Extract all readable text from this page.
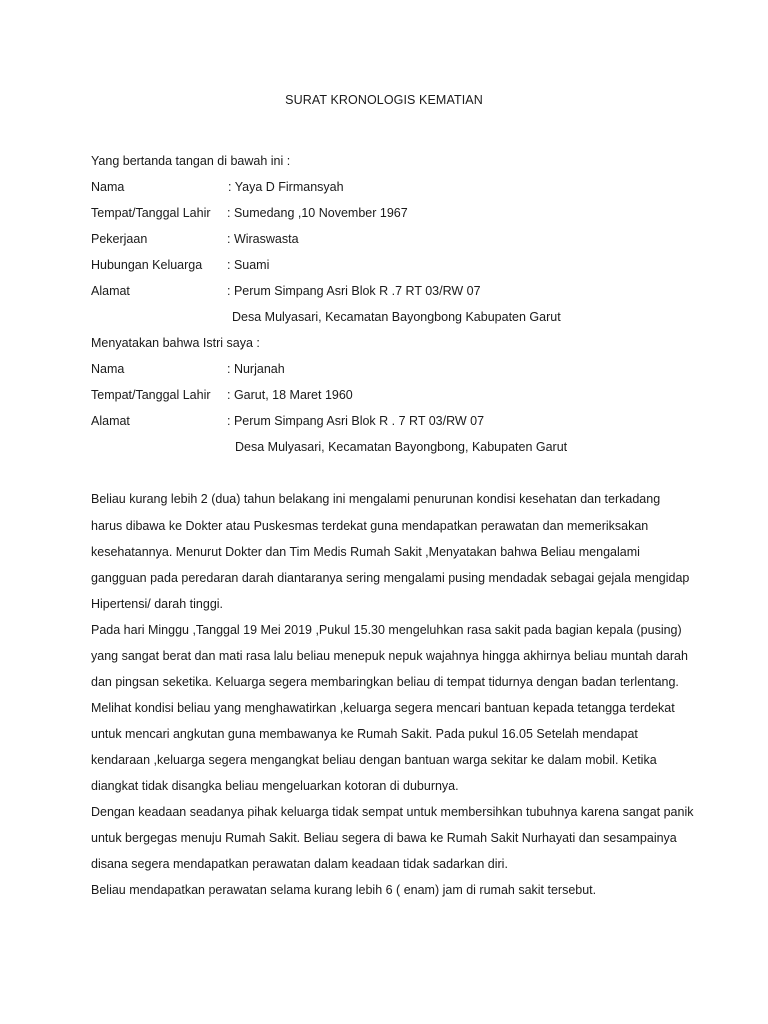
SURAT KRONOLOGIS KEMATIAN
Yang bertanda tangan di bawah ini :
Nama	: Yaya D Firmansyah
Tempat/Tanggal Lahir : Sumedang ,10 November 1967
Pekerjaan	: Wiraswasta
Hubungan Keluarga : Suami
Alamat	: Perum Simpang Asri Blok R .7 RT 03/RW 07
Desa Mulyasari, Kecamatan Bayongbong Kabupaten Garut
Menyatakan bahwa Istri saya :
Nama	: Nurjanah
Tempat/Tanggal Lahir : Garut, 18 Maret 1960
Alamat	: Perum Simpang Asri Blok R . 7 RT 03/RW 07
Desa Mulyasari, Kecamatan Bayongbong, Kabupaten Garut
Beliau kurang lebih 2 (dua) tahun belakang ini mengalami penurunan kondisi kesehatan dan terkadang
harus dibawa ke Dokter atau Puskesmas terdekat guna mendapatkan perawatan dan memeriksakan
kesehatannya. Menurut Dokter dan Tim Medis Rumah Sakit ,Menyatakan bahwa Beliau mengalami
gangguan pada peredaran darah diantaranya sering mengalami pusing mendadak sebagai gejala mengidap
Hipertensi/ darah tinggi.
Pada hari Minggu ,Tanggal 19 Mei 2019 ,Pukul 15.30 mengeluhkan rasa sakit pada bagian kepala (pusing)
yang sangat berat dan mati rasa lalu beliau menepuk nepuk wajahnya hingga akhirnya beliau muntah darah
dan pingsan seketika. Keluarga segera membaringkan beliau di tempat tidurnya dengan badan terlentang.
Melihat kondisi beliau yang menghawatirkan ,keluarga segera mencari bantuan kepada tetangga terdekat
untuk mencari angkutan guna membawanya ke Rumah Sakit. Pada pukul 16.05 Setelah mendapat
kendaraan ,keluarga segera mengangkat beliau dengan bantuan warga sekitar ke dalam mobil. Ketika
diangkat tidak disangka beliau mengeluarkan kotoran di duburnya.
Dengan keadaan seadanya pihak keluarga tidak sempat untuk membersihkan tubuhnya karena sangat panik
untuk bergegas menuju Rumah Sakit. Beliau segera di bawa ke Rumah Sakit Nurhayati dan sesampainya
disana segera mendapatkan perawatan dalam keadaan tidak sadarkan diri.
Beliau mendapatkan perawatan selama kurang lebih 6 ( enam) jam di rumah sakit tersebut.
